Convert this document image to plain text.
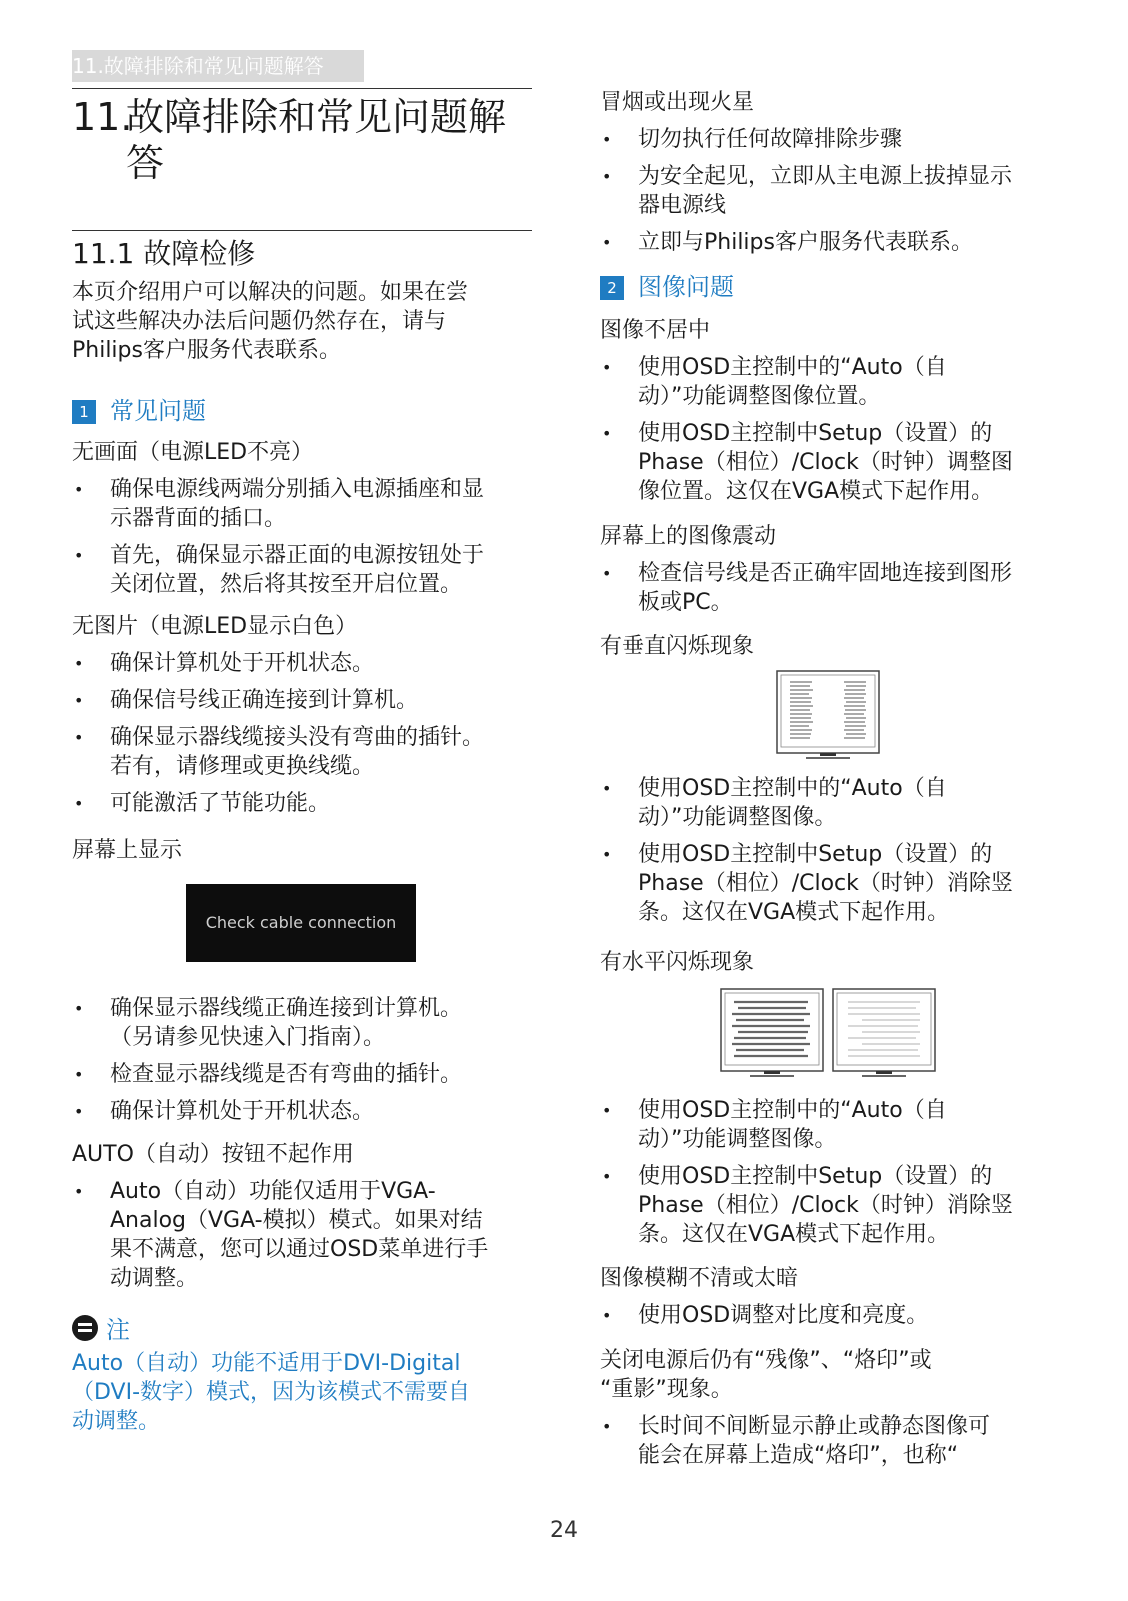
11.故障排除和常见问题解答
11.故障排除和常见问题解
答
11.1 故障检修

本页介绍用户可以解决的问题。如果在尝

试这些解决办法后问题仍然存在，请与

Philips客户服务代表联系。

1 常见问题

无画面（电源LED不亮）

• 确保电源线两端分别插入电源插座和显
示器背面的插口。
• 首先，确保显示器正面的电源按钮处于
关闭位置，然后将其按至开启位置。

无图片（电源LED显示白色）

• 确保计算机处于开机状态。
• 确保信号线正确连接到计算机。
• 确保显示器线缆接头没有弯曲的插针。
若有，请修理或更换线缆。
• 可能激活了节能功能。

屏幕上显示

Check cable connection
• 确保显示器线缆正确连接到计算机。
（另请参见快速入门指南）。
• 检查显示器线缆是否有弯曲的插针。
• 确保计算机处于开机状态。

AUTO（自动）按钮不起作用

• Auto（自动）功能仅适用于VGA-
Analog（VGA-模拟）模式。如果对结
果不满意，您可以通过OSD菜单进行手
动调整。
注
Auto（自动）功能不适用于DVI-Digital
（DVI-数字）模式，因为该模式不需要自
动调整。

冒烟或出现火星

• 切勿执行任何故障排除步骤
• 为安全起见，立即从主电源上拔掉显示
器电源线
• 立即与Philips客户服务代表联系。
2 图像问题

图像不居中

• 使用OSD主控制中的“Auto（自
动）”功能调整图像位置。
• 使用OSD主控制中Setup（设置）的
Phase（相位）/Clock（时钟）调整图
像位置。这仅在VGA模式下起作用。

屏幕上的图像震动

• 检查信号线是否正确牢固地连接到图形
板或PC。

有垂直闪烁现象

• 使用OSD主控制中的“Auto（自
动）”功能调整图像。
• 使用OSD主控制中Setup（设置）的
Phase（相位）/Clock（时钟）消除竖
条。这仅在VGA模式下起作用。

有水平闪烁现象

• 使用OSD主控制中的“Auto（自
动）”功能调整图像。
• 使用OSD主控制中Setup（设置）的
Phase（相位）/Clock（时钟）消除竖
条。这仅在VGA模式下起作用。

图像模糊不清或太暗

• 使用OSD调整对比度和亮度。

关闭电源后仍有“残像”、“烙印”或

“重影”现象。

• 长时间不间断显示静止或静态图像可
能会在屏幕上造成“烙印”，也称“
24
